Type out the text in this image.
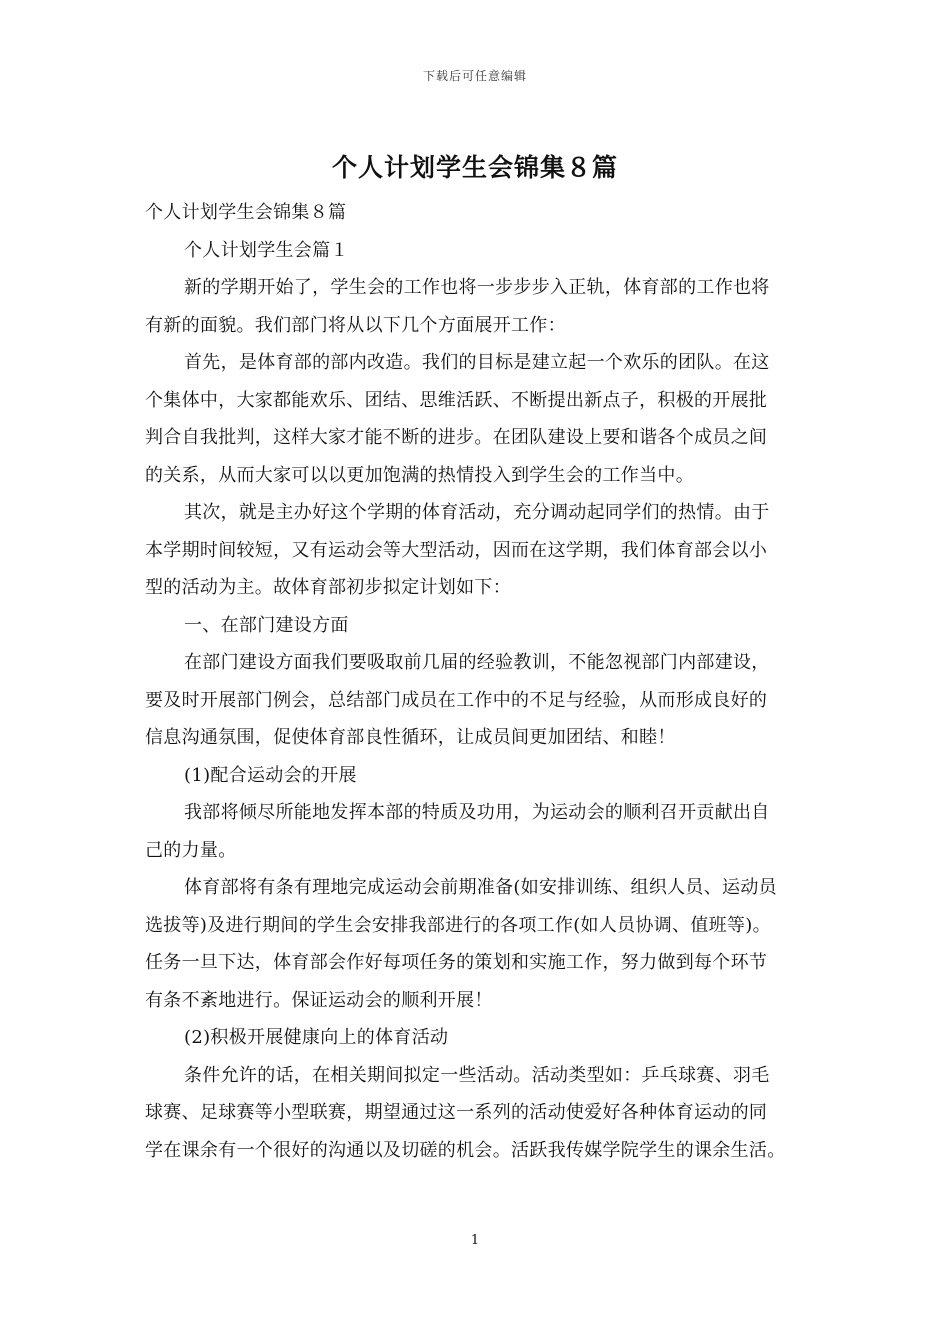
下载后可任意编辑
个人计划学生会锦集８篇
个人计划学生会锦集８篇
个人计划学生会篇１
新的学期开始了，学生会的工作也将一步步步入正轨，体育部的工作也将
有新的面貌。我们部门将从以下几个方面展开工作：
首先，是体育部的部内改造。我们的目标是建立起一个欢乐的团队。在这
个集体中，大家都能欢乐、团结、思维活跃、不断提出新点子，积极的开展批
判合自我批判，这样大家才能不断的进步。在团队建设上要和谐各个成员之间
的关系，从而大家可以以更加饱满的热情投入到学生会的工作当中。
其次，就是主办好这个学期的体育活动，充分调动起同学们的热情。由于
本学期时间较短，又有运动会等大型活动，因而在这学期，我们体育部会以小
型的活动为主。故体育部初步拟定计划如下：
一、在部门建设方面
在部门建设方面我们要吸取前几届的经验教训，不能忽视部门内部建设，
要及时开展部门例会，总结部门成员在工作中的不足与经验，从而形成良好的
信息沟通氛围，促使体育部良性循环，让成员间更加团结、和睦！
(1)配合运动会的开展
我部将倾尽所能地发挥本部的特质及功用，为运动会的顺利召开贡献出自
己的力量。
体育部将有条有理地完成运动会前期准备(如安排训练、组织人员、运动员
选拔等)及进行期间的学生会安排我部进行的各项工作(如人员协调、值班等)。
任务一旦下达，体育部会作好每项任务的策划和实施工作，努力做到每个环节
有条不紊地进行。保证运动会的顺利开展！
(2)积极开展健康向上的体育活动
条件允许的话，在相关期间拟定一些活动。活动类型如：乒乓球赛、羽毛
球赛、足球赛等小型联赛，期望通过这一系列的活动使爱好各种体育运动的同
学在课余有一个很好的沟通以及切磋的机会。活跃我传媒学院学生的课余生活。
1
